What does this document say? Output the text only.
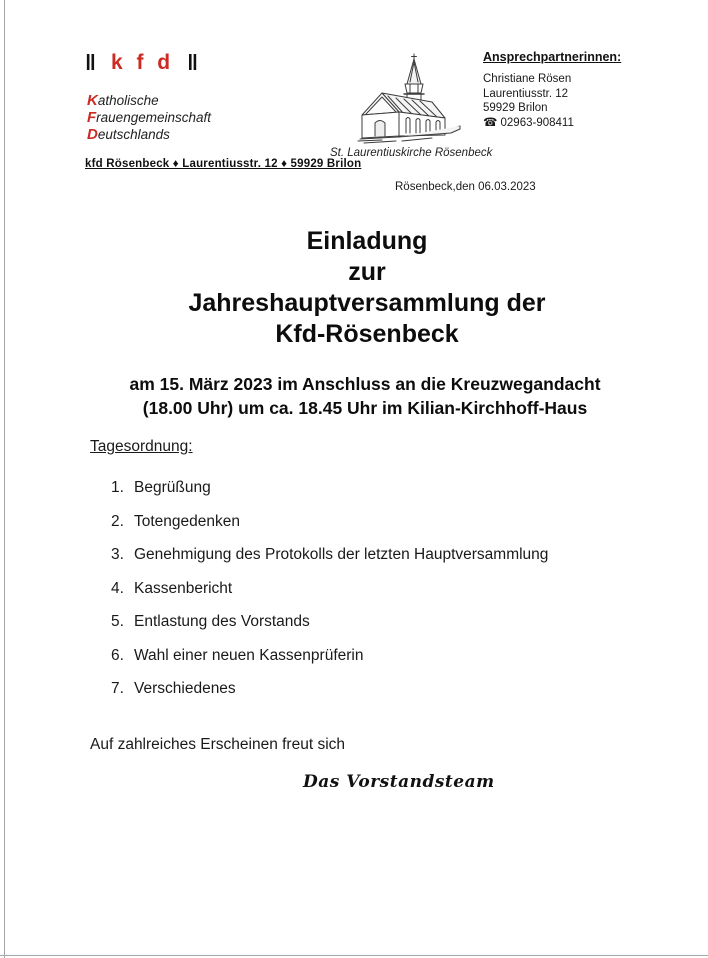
‖ k f d ‖
Katholische
Frauengemeinschaft
Deutschlands
kfd Rösenbeck ♦ Laurentiusstr. 12 ♦ 59929 Brilon
St. Laurentiuskirche Rösenbeck
Ansprechpartnerinnen:
Christiane Rösen
Laurentiusstr. 12
59929 Brilon
☎ 02963-908411
Rösenbeck,den 06.03.2023
Einladung
zur
Jahreshauptversammlung der
Kfd-Rösenbeck
am 15. März 2023 im Anschluss an die Kreuzwegandacht
(18.00 Uhr) um ca. 18.45 Uhr im Kilian-Kirchhoff-Haus
Tagesordnung:
1. Begrüßung
2. Totengedenken
3. Genehmigung des Protokolls der letzten Hauptversammlung
4. Kassenbericht
5. Entlastung des Vorstands
6. Wahl einer neuen Kassenprüferin
7. Verschiedenes
Auf zahlreiches Erscheinen freut sich
Das Vorstandsteam
